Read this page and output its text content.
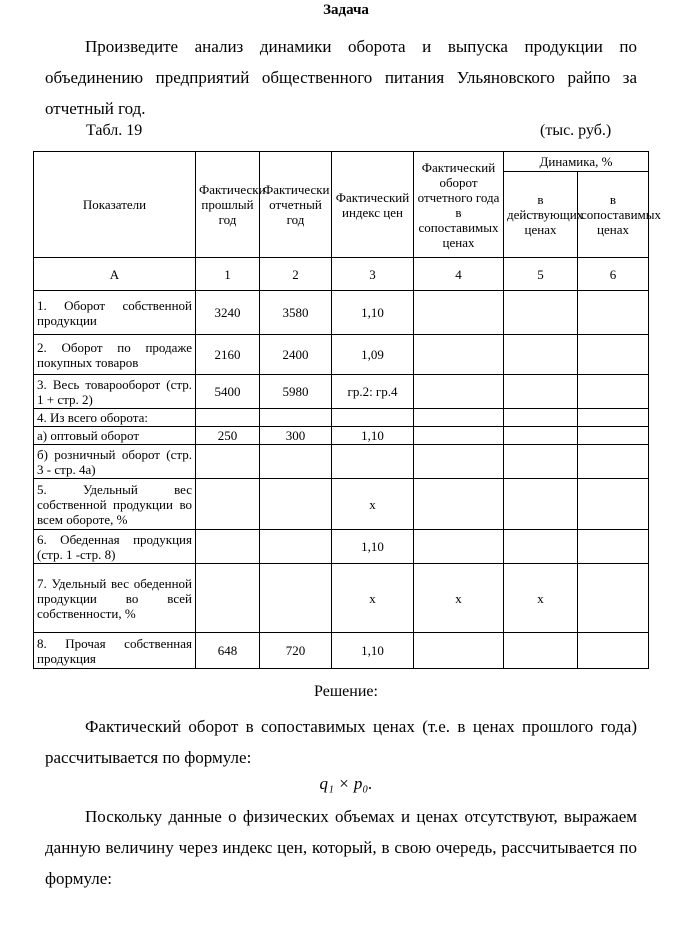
Задача
Произведите анализ динамики оборота и выпуска продукции по объединению предприятий общественного питания Ульяновского райпо за отчетный год.
Табл. 19	(тыс. руб.)
Показатели	Фактически прошлый год	Фактически отчетный год	Фактический индекс цен	Фактический оборот отчетного года в сопоставимых ценах	Динамика, %	
					в действующих ценах	в сопоставимых ценах
А	1	2	3	4	5	6
1. Оборот собственной продукции	3240	3580	1,10			
2. Оборот по продаже покупных товаров	2160	2400	1,09			
3. Весь товарооборот (стр. 1 + стр. 2)	5400	5980	гр.2: гр.4			
4. Из всего оборота:						
а) оптовый оборот	250	300	1,10			
б) розничный оборот (стр. 3 - стр. 4а)						
5. Удельный вес собственной продукции во всем обороте, %			х			
6. Обеденная продукция (стр. 1 -стр. 8)			1,10			
7. Удельный вес обеденной продукции во всей собственности, %			х	х	х	
8. Прочая собственная продукция	648	720	1,10			
Решение:
Фактический оборот в сопоставимых ценах (т.е. в ценах прошлого года) рассчитывается по формуле:
q₁ × p₀.
Поскольку данные о физических объемах и ценах отсутствуют, выражаем данную величину через индекс цен, который, в свою очередь, рассчитывается по формуле:
